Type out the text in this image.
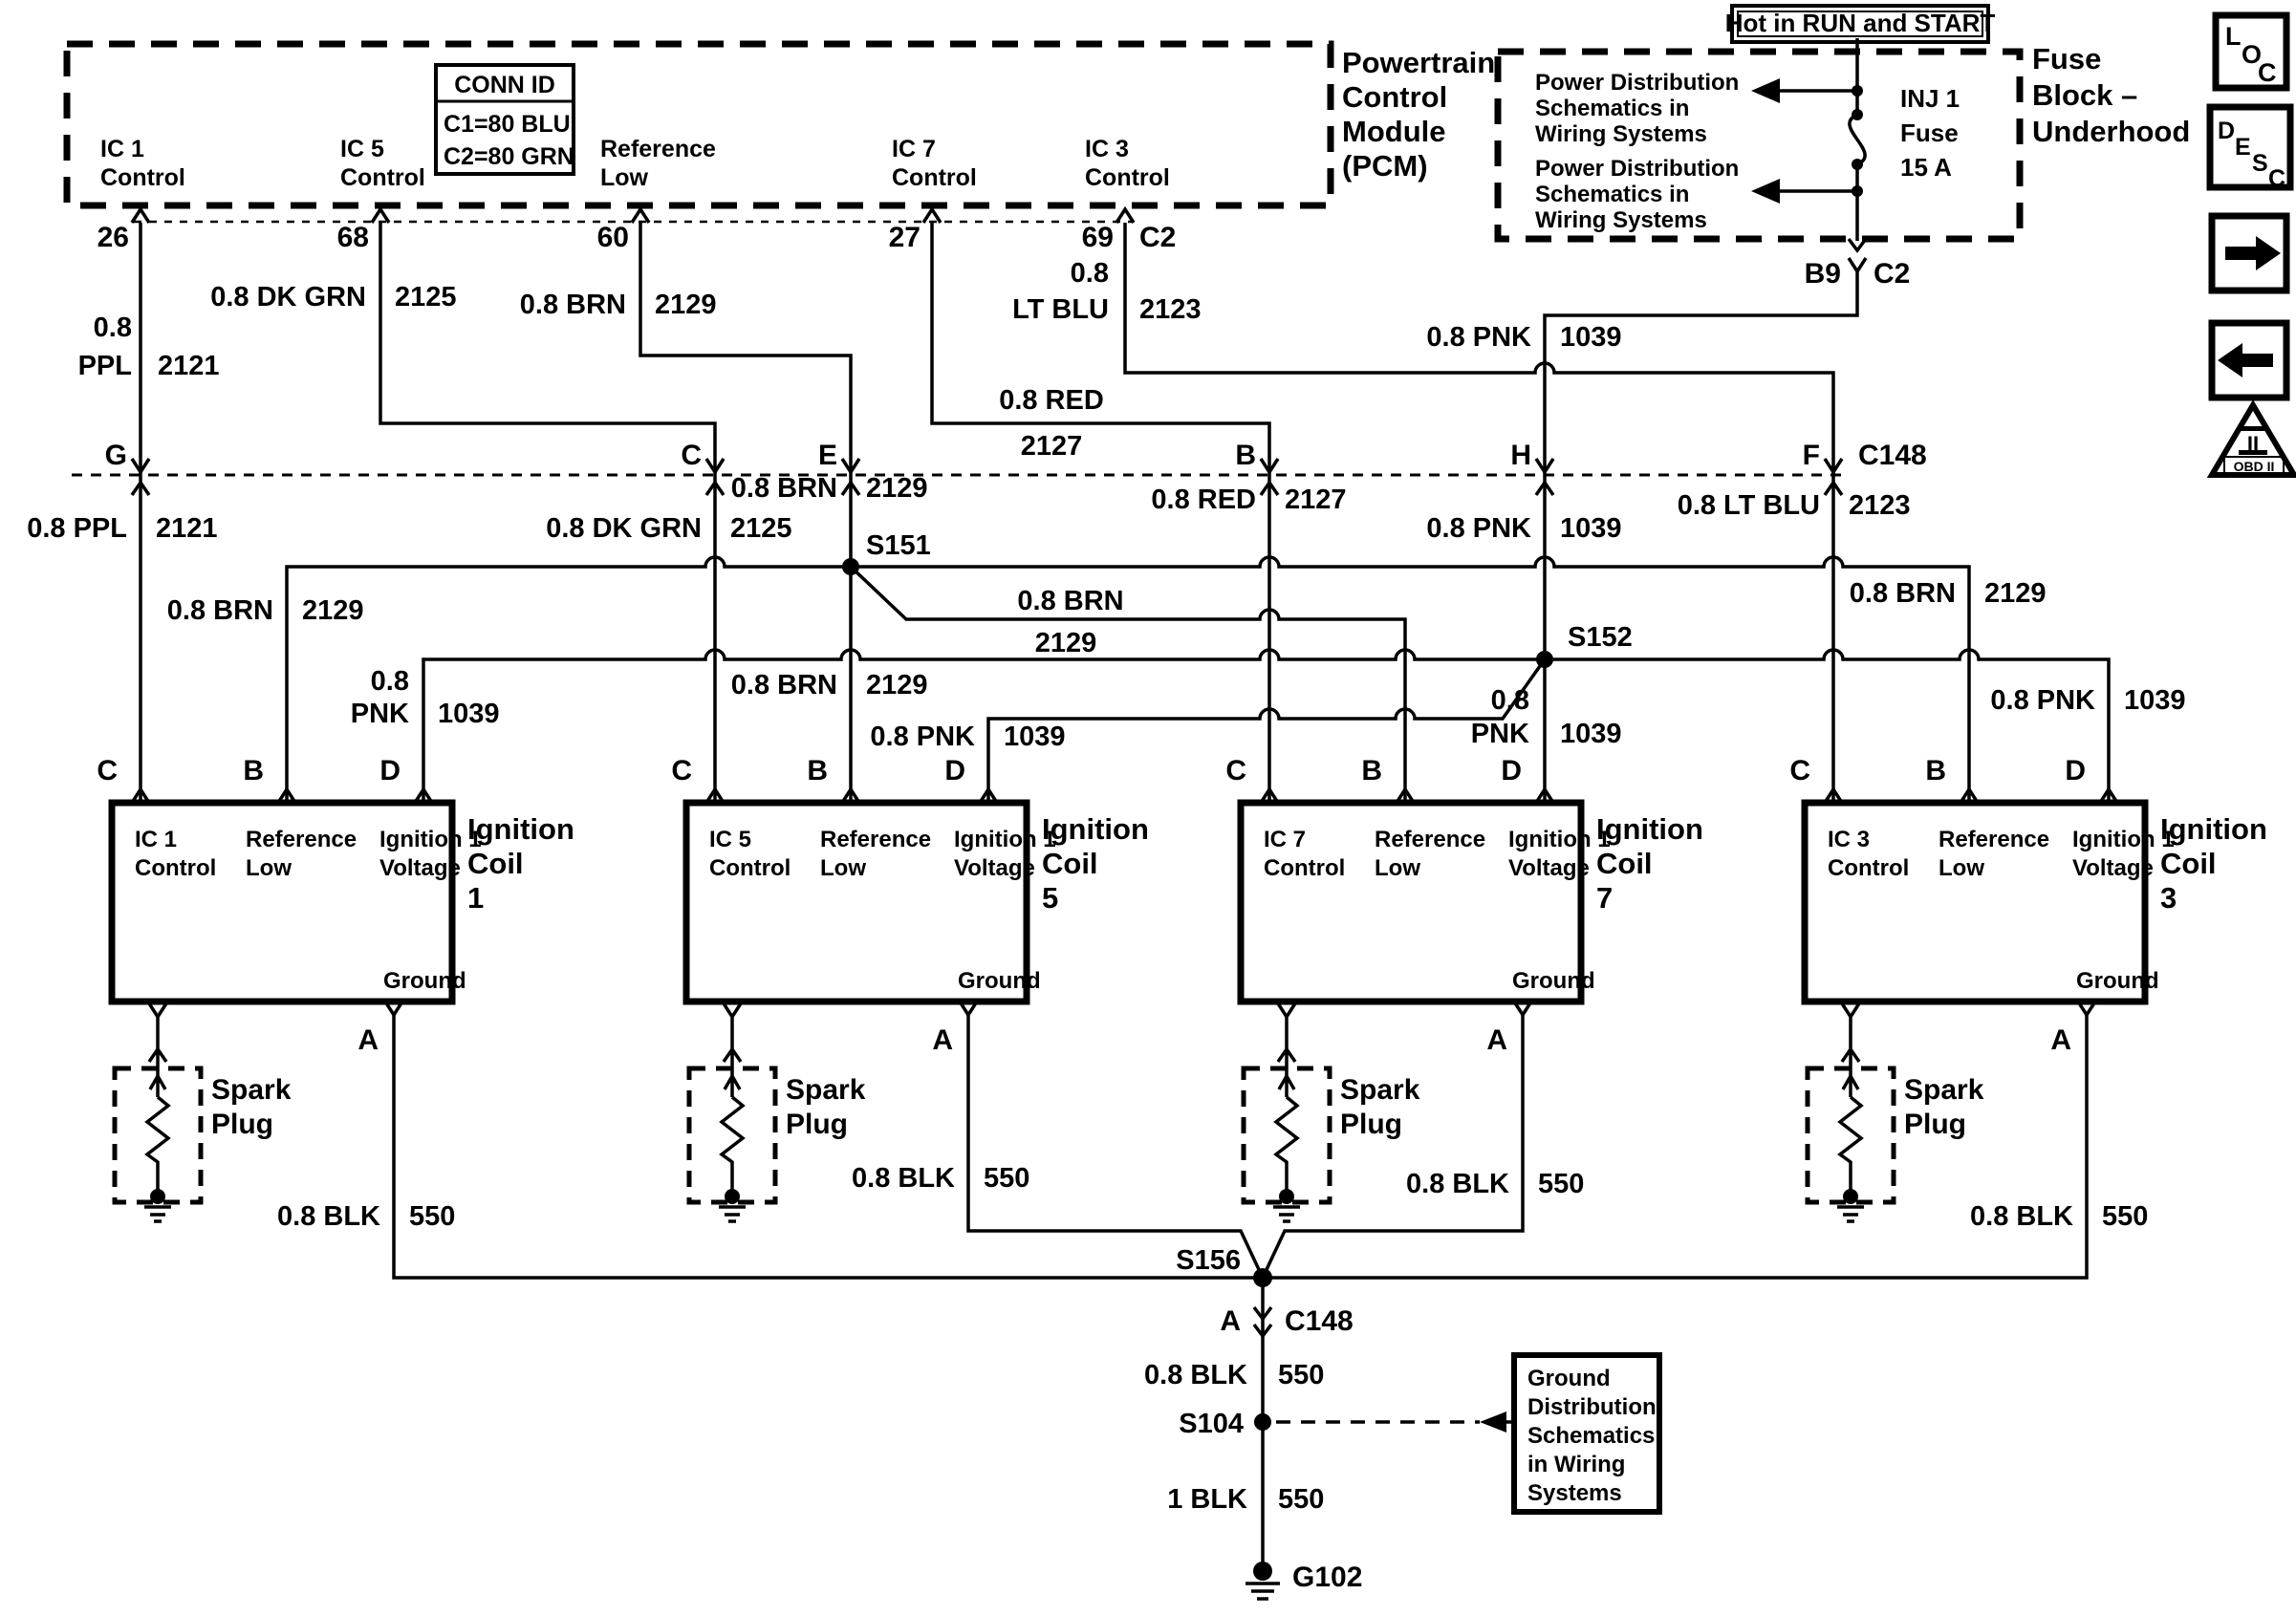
Powertrain
Control
Module
(PCM)
CONN ID
C1=80 BLU
C2=80 GRN
IC 1
Control
IC 5
Control
Reference
Low
IC 7
Control
IC 3
Control
26	68	60	27	69 C2
Hot in RUN and START
Fuse
Block –
Underhood
Power Distribution
Schematics in
Wiring Systems
Power Distribution
Schematics in
Wiring Systems
INJ 1
Fuse
15 A
B9 C2
0.8
PPL 2121
0.8 DK GRN 2125 0.8 BRN 2129
0.8 RED
2127
0.8
LT BLU 2123
0.8 PNK 1039
0.8 PPL 2121	0.8 DK GRN 2125
0.8 BRN 2129	0.8 RED 2127
0.8 PNK 1039
0.8 LT BLU 2123
0.8 BRN 2129
0.8
PNK 1039
0.8 BRN
2129
0.8 BRN 2129
0.8 PNK 1039
0.8
PNK 1039
0.8 BRN 2129
0.8 PNK 1039
0.8 BLK 550
0.8 BLK 550	0.8 BLK 550
0.8 BLK 550
G	C	E	B	H	F C148
S151
S152
S156
S104
C	B	D
A
IC 1
Control
Reference
Low
Ignition 1
Voltage
Ground
Ignition
Coil
1
C	B	D
A
IC 5
Control
Reference
Low
Ignition 1
Voltage
Ground
Ignition
Coil
5
C	B	D
A
IC 7
Control
Reference
Low
Ignition 1
Voltage
Ground
Ignition
Coil
7
C	B	D
A
IC 3
Control
Reference
Low
Ignition 1
Voltage
Ground
Ignition
Coil
3
Spark
Plug
Spark
Plug
Spark
Plug
Spark
Plug
A C148
0.8 BLK 550
1 BLK 550
Ground
Distribution
Schematics
in Wiring
Systems
G102
L
O
C
D
E
S
C
II
OBD II
